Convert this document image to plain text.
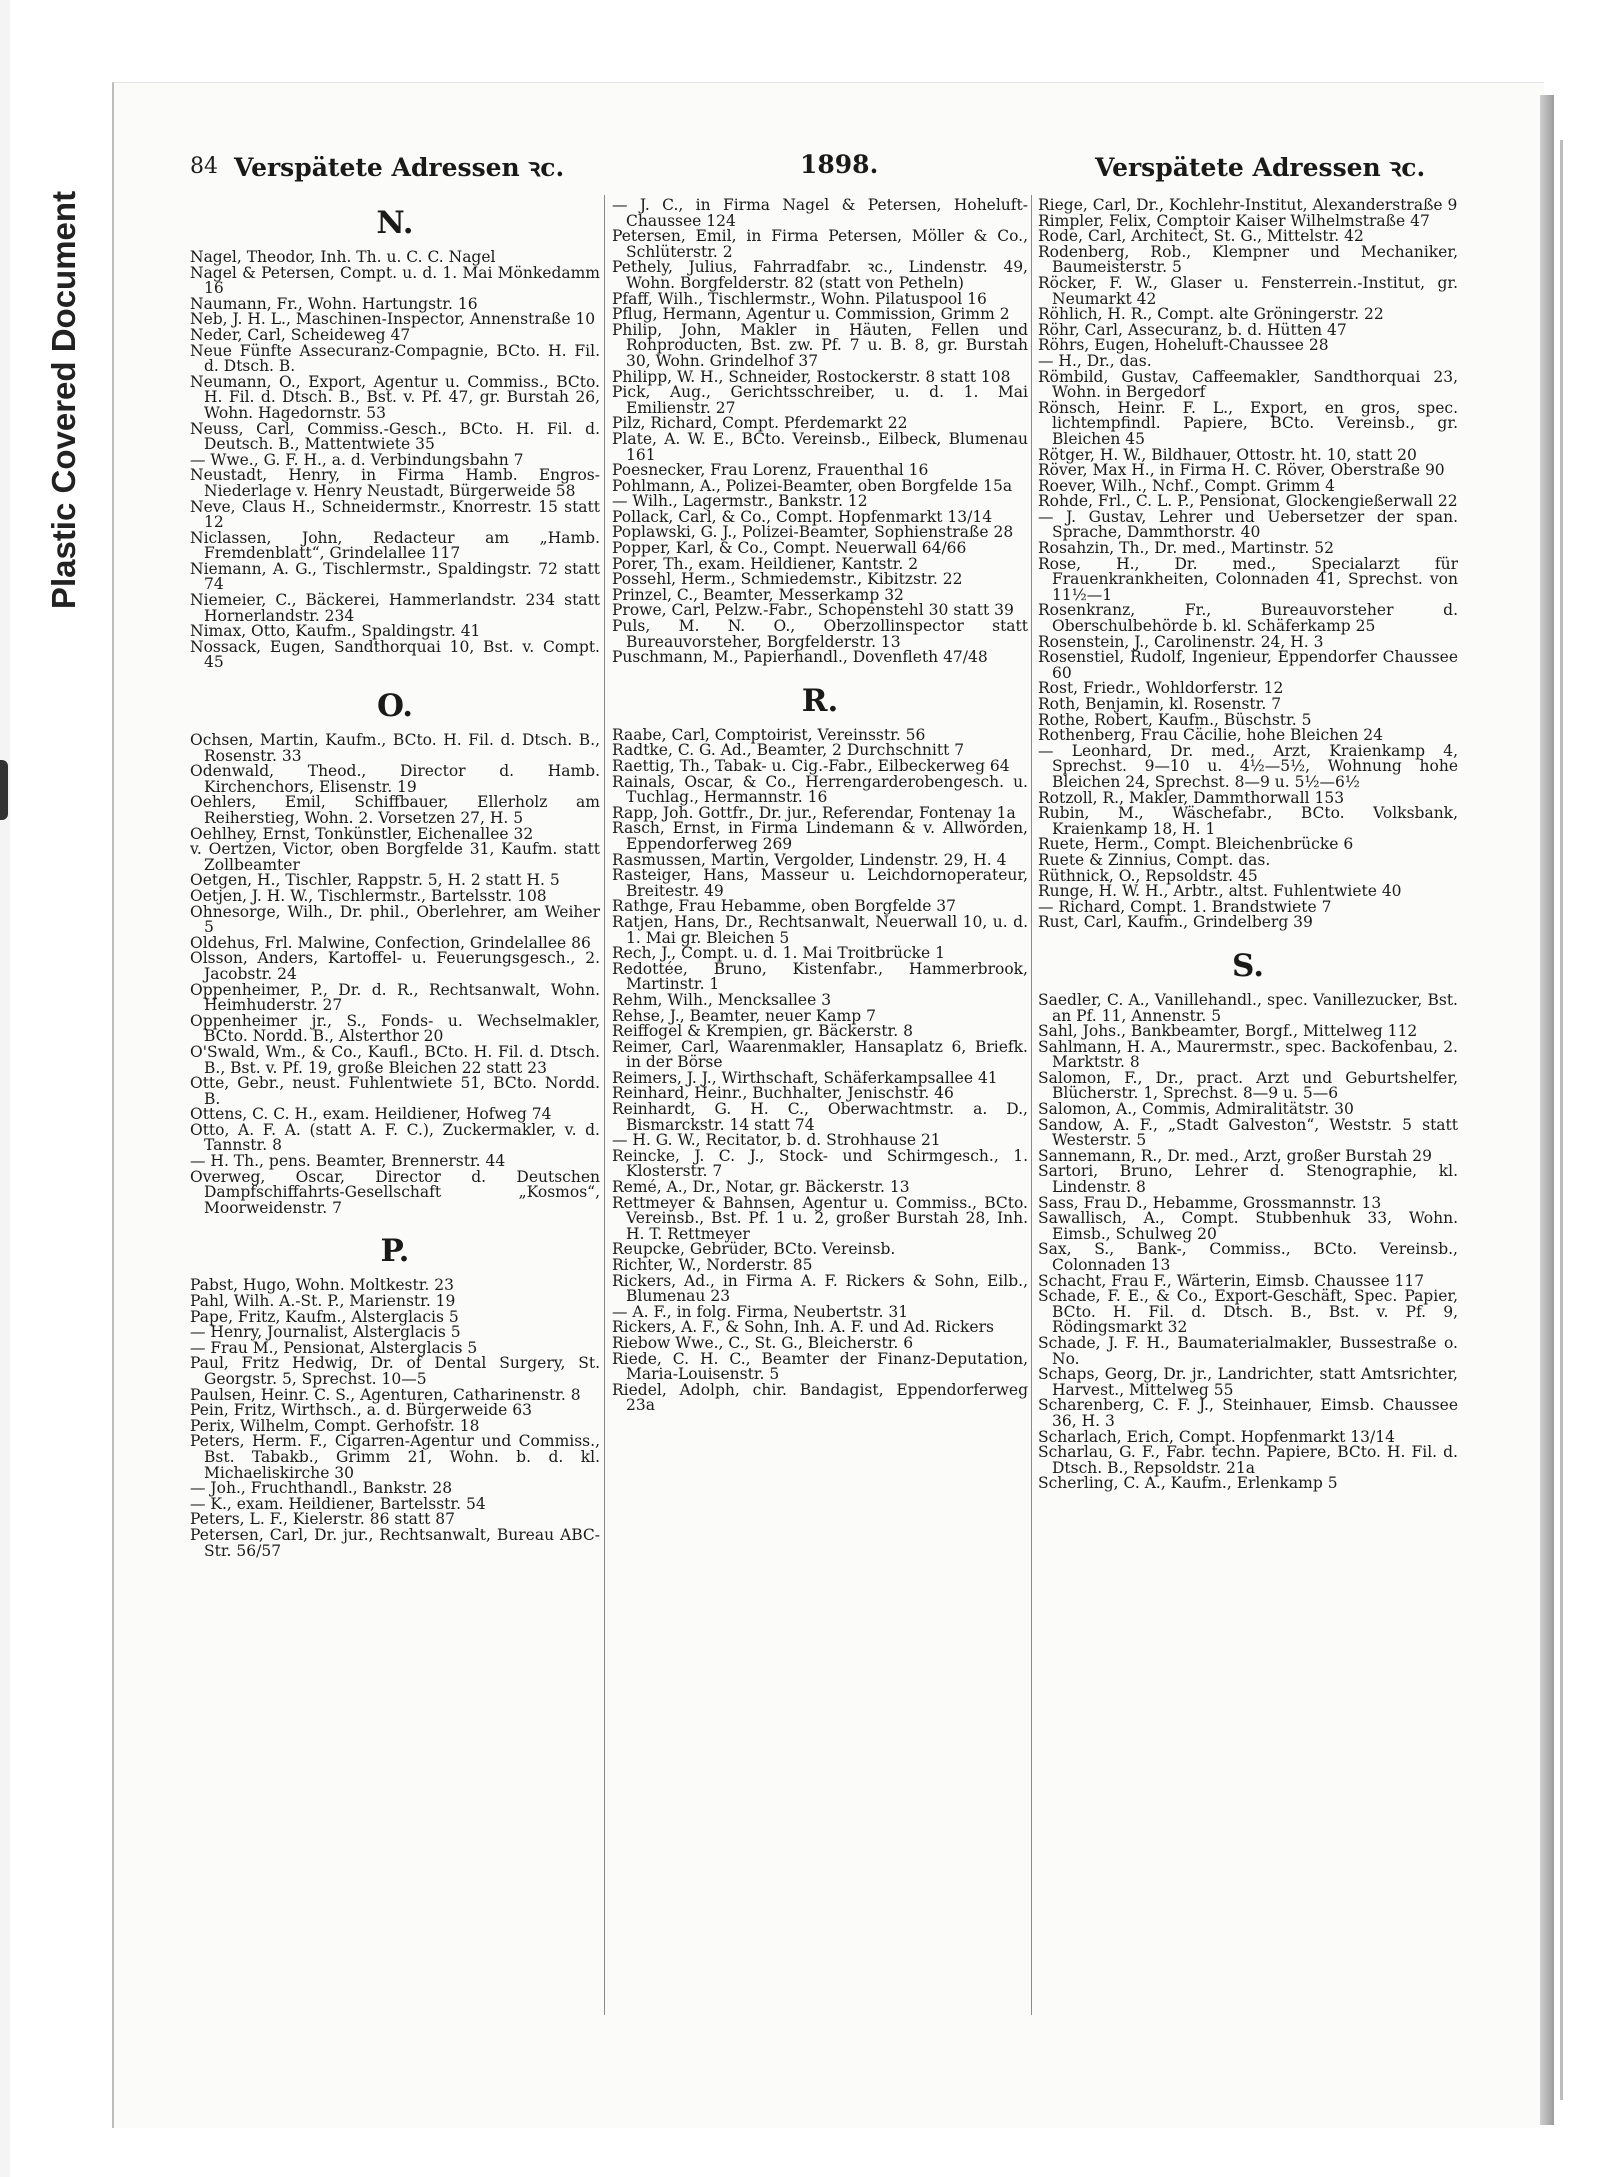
Plastic Covered Document
84 Verspätete Adressen ꝛc.	1898.	Verspätete Adressen ꝛc.
N.

Nagel, Theodor, Inh. Th. u. C. C. Nagel

Nagel & Petersen, Compt. u. d. 1. Mai Mönkedamm 16

Naumann, Fr., Wohn. Hartungstr. 16

Neb, J. H. L., Maschinen-Inspector, Annenstraße 10

Neder, Carl, Scheideweg 47

Neue Fünfte Assecuranz-Compagnie, BCto. H. Fil. d. Dtsch. B.

Neumann, O., Export, Agentur u. Commiss., BCto. H. Fil. d. Dtsch. B., Bst. v. Pf. 47, gr. Burstah 26, Wohn. Hagedornstr. 53

Neuss, Carl, Commiss.-Gesch., BCto. H. Fil. d. Deutsch. B., Mattentwiete 35

— Wwe., G. F. H., a. d. Verbindungsbahn 7

Neustadt, Henry, in Firma Hamb. Engros-Niederlage v. Henry Neustadt, Bürgerweide 58

Neve, Claus H., Schneidermstr., Knorrestr. 15 statt 12

Niclassen, John, Redacteur am „Hamb. Fremdenblatt“, Grindelallee 117

Niemann, A. G., Tischlermstr., Spaldingstr. 72 statt 74

Niemeier, C., Bäckerei, Hammerlandstr. 234 statt Hornerlandstr. 234

Nimax, Otto, Kaufm., Spaldingstr. 41

Nossack, Eugen, Sandthorquai 10, Bst. v. Compt. 45

O.

Ochsen, Martin, Kaufm., BCto. H. Fil. d. Dtsch. B., Rosenstr. 33

Odenwald, Theod., Director d. Hamb. Kirchenchors, Elisenstr. 19

Oehlers, Emil, Schiffbauer, Ellerholz am Reiherstieg, Wohn. 2. Vorsetzen 27, H. 5

Oehlhey, Ernst, Tonkünstler, Eichenallee 32

v. Oertzen, Victor, oben Borgfelde 31, Kaufm. statt Zollbeamter

Oetgen, H., Tischler, Rappstr. 5, H. 2 statt H. 5

Oetjen, J. H. W., Tischlermstr., Bartelsstr. 108

Ohnesorge, Wilh., Dr. phil., Oberlehrer, am Weiher 5

Oldehus, Frl. Malwine, Confection, Grindelallee 86

Olsson, Anders, Kartoffel- u. Feuerungsgesch., 2. Jacobstr. 24

Oppenheimer, P., Dr. d. R., Rechtsanwalt, Wohn. Heimhuderstr. 27

Oppenheimer jr., S., Fonds- u. Wechselmakler, BCto. Nordd. B., Alsterthor 20

O'Swald, Wm., & Co., Kaufl., BCto. H. Fil. d. Dtsch. B., Bst. v. Pf. 19, große Bleichen 22 statt 23

Otte, Gebr., neust. Fuhlentwiete 51, BCto. Nordd. B.

Ottens, C. C. H., exam. Heildiener, Hofweg 74

Otto, A. F. A. (statt A. F. C.), Zuckermakler, v. d. Tannstr. 8

— H. Th., pens. Beamter, Brennerstr. 44

Overweg, Oscar, Director d. Deutschen Dampfschiffahrts-Gesellschaft „Kosmos“, Moorweidenstr. 7

P.

Pabst, Hugo, Wohn. Moltkestr. 23

Pahl, Wilh. A.-St. P., Marienstr. 19

Pape, Fritz, Kaufm., Alsterglacis 5

— Henry, Journalist, Alsterglacis 5

— Frau M., Pensionat, Alsterglacis 5

Paul, Fritz Hedwig, Dr. of Dental Surgery, St. Georgstr. 5, Sprechst. 10—5

Paulsen, Heinr. C. S., Agenturen, Catharinenstr. 8

Pein, Fritz, Wirthsch., a. d. Bürgerweide 63

Perix, Wilhelm, Compt. Gerhofstr. 18

Peters, Herm. F., Cigarren-Agentur und Commiss., Bst. Tabakb., Grimm 21, Wohn. b. d. kl. Michaeliskirche 30

— Joh., Fruchthandl., Bankstr. 28

— K., exam. Heildiener, Bartelsstr. 54

Peters, L. F., Kielerstr. 86 statt 87

Petersen, Carl, Dr. jur., Rechtsanwalt, Bureau ABC-Str. 56/57

— J. C., in Firma Nagel & Petersen, Hoheluft-Chaussee 124

Petersen, Emil, in Firma Petersen, Möller & Co., Schlüterstr. 2

Pethely, Julius, Fahrradfabr. ꝛc., Lindenstr. 49, Wohn. Borgfelderstr. 82 (statt von Petheln)

Pfaff, Wilh., Tischlermstr., Wohn. Pilatuspool 16

Pflug, Hermann, Agentur u. Commission, Grimm 2

Philip, John, Makler in Häuten, Fellen und Rohproducten, Bst. zw. Pf. 7 u. B. 8, gr. Burstah 30, Wohn. Grindelhof 37

Philipp, W. H., Schneider, Rostockerstr. 8 statt 108

Pick, Aug., Gerichtsschreiber, u. d. 1. Mai Emilienstr. 27

Pilz, Richard, Compt. Pferdemarkt 22

Plate, A. W. E., BCto. Vereinsb., Eilbeck, Blumenau 161

Poesnecker, Frau Lorenz, Frauenthal 16

Pohlmann, A., Polizei-Beamter, oben Borgfelde 15a

— Wilh., Lagermstr., Bankstr. 12

Pollack, Carl, & Co., Compt. Hopfenmarkt 13/14

Poplawski, G. J., Polizei-Beamter, Sophienstraße 28

Popper, Karl, & Co., Compt. Neuerwall 64/66

Porer, Th., exam. Heildiener, Kantstr. 2

Possehl, Herm., Schmiedemstr., Kibitzstr. 22

Prinzel, C., Beamter, Messerkamp 32

Prowe, Carl, Pelzw.-Fabr., Schopenstehl 30 statt 39

Puls, M. N. O., Oberzollinspector statt Bureauvorsteher, Borgfelderstr. 13

Puschmann, M., Papierhandl., Dovenfleth 47/48

R.

Raabe, Carl, Comptoirist, Vereinsstr. 56

Radtke, C. G. Ad., Beamter, 2 Durchschnitt 7

Raettig, Th., Tabak- u. Cig.-Fabr., Eilbeckerweg 64

Rainals, Oscar, & Co., Herrengarderobengesch. u. Tuchlag., Hermannstr. 16

Rapp, Joh. Gottfr., Dr. jur., Referendar, Fontenay 1a

Rasch, Ernst, in Firma Lindemann & v. Allwörden, Eppendorferweg 269

Rasmussen, Martin, Vergolder, Lindenstr. 29, H. 4

Rasteiger, Hans, Masseur u. Leichdornoperateur, Breitestr. 49

Rathge, Frau Hebamme, oben Borgfelde 37

Ratjen, Hans, Dr., Rechtsanwalt, Neuerwall 10, u. d. 1. Mai gr. Bleichen 5

Rech, J., Compt. u. d. 1. Mai Troitbrücke 1

Redottée, Bruno, Kistenfabr., Hammerbrook, Martinstr. 1

Rehm, Wilh., Mencksallee 3

Rehse, J., Beamter, neuer Kamp 7

Reiffogel & Krempien, gr. Bäckerstr. 8

Reimer, Carl, Waarenmakler, Hansaplatz 6, Briefk. in der Börse

Reimers, J. J., Wirthschaft, Schäferkampsallee 41

Reinhard, Heinr., Buchhalter, Jenischstr. 46

Reinhardt, G. H. C., Oberwachtmstr. a. D., Bismarckstr. 14 statt 74

— H. G. W., Recitator, b. d. Strohhause 21

Reincke, J. C. J., Stock- und Schirmgesch., 1. Klosterstr. 7

Remé, A., Dr., Notar, gr. Bäckerstr. 13

Rettmeyer & Bahnsen, Agentur u. Commiss., BCto. Vereinsb., Bst. Pf. 1 u. 2, großer Burstah 28, Inh. H. T. Rettmeyer

Reupcke, Gebrüder, BCto. Vereinsb.

Richter, W., Norderstr. 85

Rickers, Ad., in Firma A. F. Rickers & Sohn, Eilb., Blumenau 23

— A. F., in folg. Firma, Neubertstr. 31

Rickers, A. F., & Sohn, Inh. A. F. und Ad. Rickers

Riebow Wwe., C., St. G., Bleicherstr. 6

Riede, C. H. C., Beamter der Finanz-Deputation, Maria-Louisenstr. 5

Riedel, Adolph, chir. Bandagist, Eppendorferweg 23a

Riege, Carl, Dr., Kochlehr-Institut, Alexanderstraße 9

Rimpler, Felix, Comptoir Kaiser Wilhelmstraße 47

Rode, Carl, Architect, St. G., Mittelstr. 42

Rodenberg, Rob., Klempner und Mechaniker, Baumeisterstr. 5

Röcker, F. W., Glaser u. Fensterrein.-Institut, gr. Neumarkt 42

Röhlich, H. R., Compt. alte Gröningerstr. 22

Röhr, Carl, Assecuranz, b. d. Hütten 47

Röhrs, Eugen, Hoheluft-Chaussee 28

— H., Dr., das.

Römbild, Gustav, Caffeemakler, Sandthorquai 23, Wohn. in Bergedorf

Rönsch, Heinr. F. L., Export, en gros, spec. lichtempfindl. Papiere, BCto. Vereinsb., gr. Bleichen 45

Rötger, H. W., Bildhauer, Ottostr. ht. 10, statt 20

Röver, Max H., in Firma H. C. Röver, Oberstraße 90

Roever, Wilh., Nchf., Compt. Grimm 4

Rohde, Frl., C. L. P., Pensionat, Glockengießerwall 22

— J. Gustav, Lehrer und Uebersetzer der span. Sprache, Dammthorstr. 40

Rosahzin, Th., Dr. med., Martinstr. 52

Rose, H., Dr. med., Specialarzt für Frauenkrankheiten, Colonnaden 41, Sprechst. von 11½—1

Rosenkranz, Fr., Bureauvorsteher d. Oberschulbehörde b. kl. Schäferkamp 25

Rosenstein, J., Carolinenstr. 24, H. 3

Rosenstiel, Rudolf, Ingenieur, Eppendorfer Chaussee 60

Rost, Friedr., Wohldorferstr. 12

Roth, Benjamin, kl. Rosenstr. 7

Rothe, Robert, Kaufm., Büschstr. 5

Rothenberg, Frau Cäcilie, hohe Bleichen 24

— Leonhard, Dr. med., Arzt, Kraienkamp 4, Sprechst. 9—10 u. 4½—5½, Wohnung hohe Bleichen 24, Sprechst. 8—9 u. 5½—6½

Rotzoll, R., Makler, Dammthorwall 153

Rubin, M., Wäschefabr., BCto. Volksbank, Kraienkamp 18, H. 1

Ruete, Herm., Compt. Bleichenbrücke 6

Ruete & Zinnius, Compt. das.

Rüthnick, O., Repsoldstr. 45

Runge, H. W. H., Arbtr., altst. Fuhlentwiete 40

— Richard, Compt. 1. Brandstwiete 7

Rust, Carl, Kaufm., Grindelberg 39

S.

Saedler, C. A., Vanillehandl., spec. Vanillezucker, Bst. an Pf. 11, Annenstr. 5

Sahl, Johs., Bankbeamter, Borgf., Mittelweg 112

Sahlmann, H. A., Maurermstr., spec. Backofenbau, 2. Marktstr. 8

Salomon, F., Dr., pract. Arzt und Geburtshelfer, Blücherstr. 1, Sprechst. 8—9 u. 5—6

Salomon, A., Commis, Admiralitätstr. 30

Sandow, A. F., „Stadt Galveston“, Weststr. 5 statt Westerstr. 5

Sannemann, R., Dr. med., Arzt, großer Burstah 29

Sartori, Bruno, Lehrer d. Stenographie, kl. Lindenstr. 8

Sass, Frau D., Hebamme, Grossmannstr. 13

Sawallisch, A., Compt. Stubbenhuk 33, Wohn. Eimsb., Schulweg 20

Sax, S., Bank-, Commiss., BCto. Vereinsb., Colonnaden 13

Schacht, Frau F., Wärterin, Eimsb. Chaussee 117

Schade, F. E., & Co., Export-Geschäft, Spec. Papier, BCto. H. Fil. d. Dtsch. B., Bst. v. Pf. 9, Rödingsmarkt 32

Schade, J. F. H., Baumaterialmakler, Bussestraße o. No.

Schaps, Georg, Dr. jr., Landrichter, statt Amtsrichter, Harvest., Mittelweg 55

Scharenberg, C. F. J., Steinhauer, Eimsb. Chaussee 36, H. 3

Scharlach, Erich, Compt. Hopfenmarkt 13/14

Scharlau, G. F., Fabr. techn. Papiere, BCto. H. Fil. d. Dtsch. B., Repsoldstr. 21a

Scherling, C. A., Kaufm., Erlenkamp 5
